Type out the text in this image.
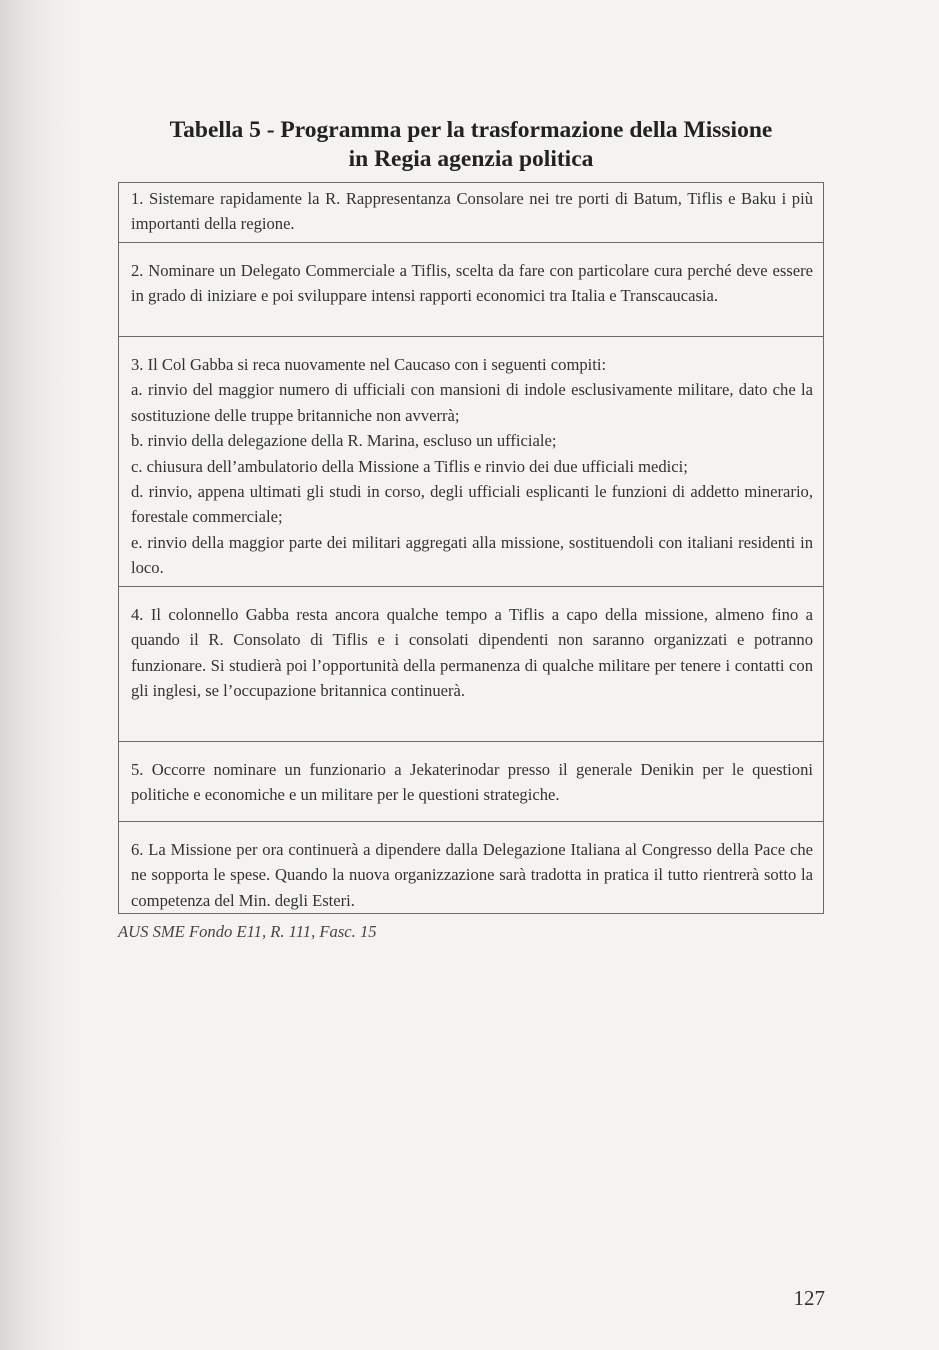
Tabella 5 - Programma per la trasformazione della Missione
in Regia agenzia politica

1. Sistemare rapidamente la R. Rappresentanza Consolare nei tre porti di Batum, Tiflis e Baku i più importanti della regione.

2. Nominare un Delegato Commerciale a Tiflis, scelta da fare con particolare cura perché deve essere in grado di iniziare e poi sviluppare intensi rapporti economici tra Italia e Transcaucasia.

3. Il Col Gabba si reca nuovamente nel Caucaso con i seguenti compiti:

a. rinvio del maggior numero di ufficiali con mansioni di indole esclusivamente militare, dato che la sostituzione delle truppe britanniche non avverrà;

b. rinvio della delegazione della R. Marina, escluso un ufficiale;

c. chiusura dell’ambulatorio della Missione a Tiflis e rinvio dei due ufficiali medici;

d. rinvio, appena ultimati gli studi in corso, degli ufficiali esplicanti le funzioni di addetto minerario, forestale commerciale;

e. rinvio della maggior parte dei militari aggregati alla missione, sostituendoli con italiani residenti in loco.

4. Il colonnello Gabba resta ancora qualche tempo a Tiflis a capo della missione, almeno fino a quando il R. Consolato di Tiflis e i consolati dipendenti non saranno organizzati e potranno funzionare. Si studierà poi l’opportunità della permanenza di qualche militare per tenere i contatti con gli inglesi, se l’occupazione britannica continuerà.

5. Occorre nominare un funzionario a Jekaterinodar presso il generale Denikin per le questioni politiche e economiche e un militare per le questioni strategiche.

6. La Missione per ora continuerà a dipendere dalla Delegazione Italiana al Congresso della Pace che ne sopporta le spese. Quando la nuova organizzazione sarà tradotta in pratica il tutto rientrerà sotto la competenza del Min. degli Esteri.

AUS SME Fondo E11, R. 111, Fasc. 15

127
